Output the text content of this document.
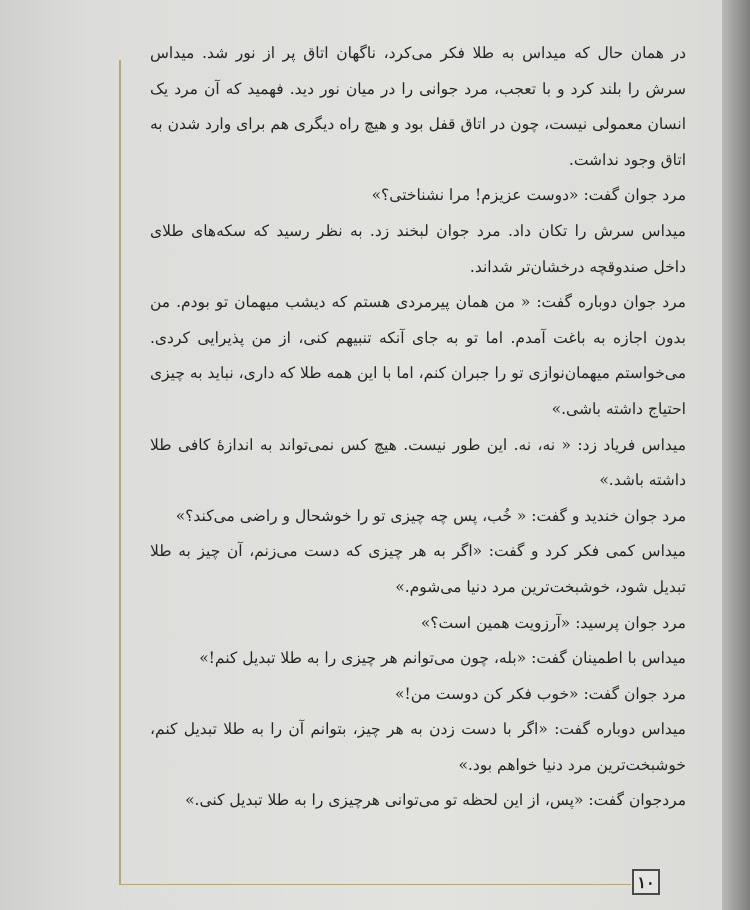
در همان حال که میداس به طلا فکر می‌کرد، ناگهان اتاق پر از نور شد. میداس سرش را بلند کرد و با تعجب، مرد جوانی را در میان نور دید. فهمید که آن مرد یک انسان معمولی نیست، چون در اتاق قفل بود و هیچ راه دیگری هم برای وارد شدن به اتاق وجود نداشت.

مرد جوان گفت: «دوست عزیزم! مرا نشناختی؟»

میداس سرش را تکان داد. مرد جوان لبخند زد. به نظر رسید که سکه‌های طلای داخل صندوقچه درخشان‌تر شداند.

مرد جوان دوباره گفت: « من همان پیرمردی هستم که دیشب میهمان تو بودم. من بدون اجازه به باغت آمدم. اما تو به جای آنکه تنبیهم کنی، از من پذیرایی کردی. می‌خواستم میهمان‌نوازی تو را جبران کنم، اما با این همه طلا که داری، نباید به چیزی احتیاج داشته باشی.»

میداس فریاد زد: « نه، نه. این طور نیست. هیچ کس نمی‌تواند به اندازهٔ کافی طلا داشته باشد.»

مرد جوان خندید و گفت: « خُب، پس چه چیزی تو را خوشحال و راضی می‌کند؟»

میداس کمی فکر کرد و گفت: «اگر به هر چیزی که دست می‌زنم، آن چیز به طلا تبدیل شود، خوشبخت‌ترین مرد دنیا می‌شوم.»

مرد جوان پرسید: «آرزویت همین است؟»

میداس با اطمینان گفت: «بله، چون می‌توانم هر چیزی را به طلا تبدیل کنم!»

مرد جوان گفت: «خوب فکر کن دوست من!»

میداس دوباره گفت: «اگر با دست زدن به هر چیز، بتوانم آن را به طلا تبدیل کنم، خوشبخت‌ترین مرد دنیا خواهم بود.»

مردجوان گفت: «پس، از این لحظه تو می‌توانی هرچیزی را به طلا تبدیل کنی.»

۱۰
